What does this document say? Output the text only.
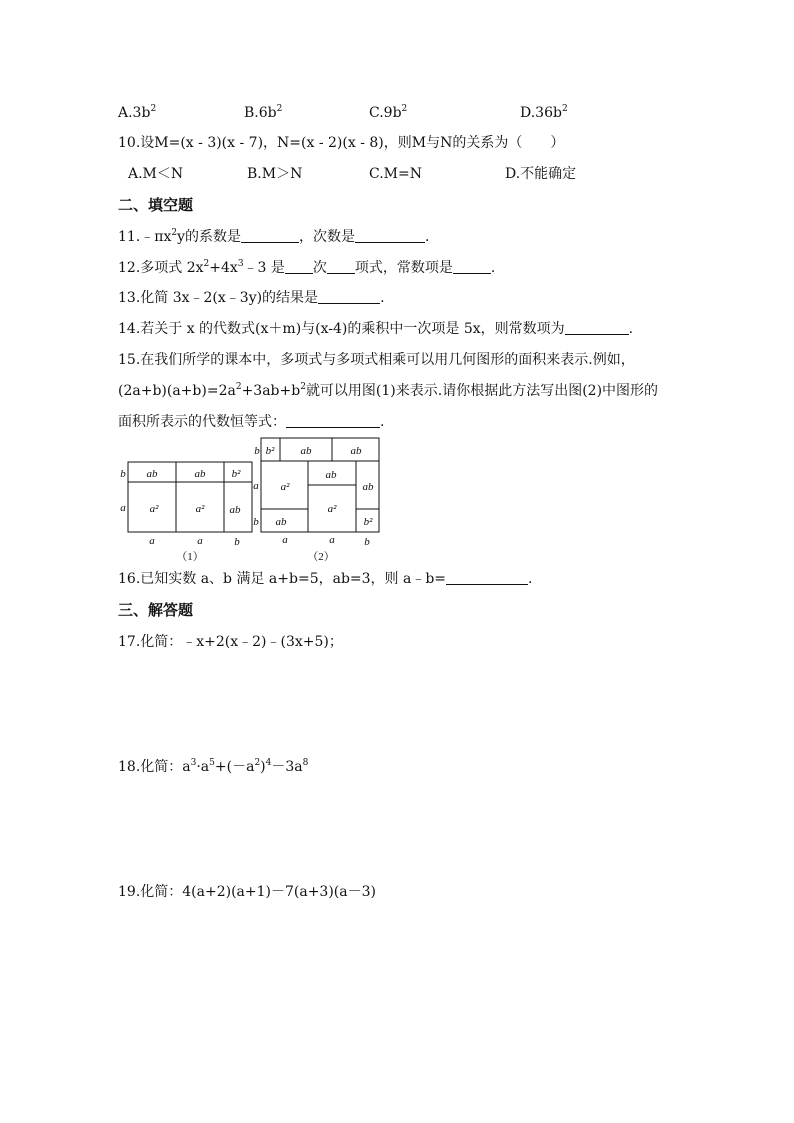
$A.3b^2$	$B.6b^2$	$C.9b^2$	$D.36b^2$
10.设M=(x - 3)(x - 7)，N=(x - 2)(x - 8)，则M与N的关系为（　　）
A.M＜N	B.M＞N	C.M=N	D.不能确定
二、填空题
$11.﹣\pi x^2y$的系数是	，次数是	.
12.多项式 $2x^2+4x^3﹣3$ 是 次 项式，常数项是	.
13.化简 3x﹣2(x﹣3y)的结果是	.
14.若关于 x 的代数式(x＋m)与(x-4)的乘积中一次项是 5x，则常数项为	.
15.在我们所学的课本中，多项式与多项式相乘可以用几何图形的面积来表示.例如，
$(2a+b)(a+b)=2a^2+3ab+b^2$就可以用图(1)来表示.请你根据此方法写出图(2)中图形的
面积所表示的代数恒等式：	.
ab	ab b²
a²	a² ab
b
a
a	a	b
（1）
b² ab	ab
a²
ab
ab
ab
a²
b²
b
a
b
a	a	b
（2）
16.已知实数 a、b 满足 a+b=5，ab=3，则 a﹣b=	.
三、解答题
17.化简：﹣x+2(x﹣2)﹣(3x+5)；
18.化简：$a^3\cdot a^5+(-a^2)^4-3a^8$
19.化简：4(a+2)(a+1)－7(a+3)(a－3)
